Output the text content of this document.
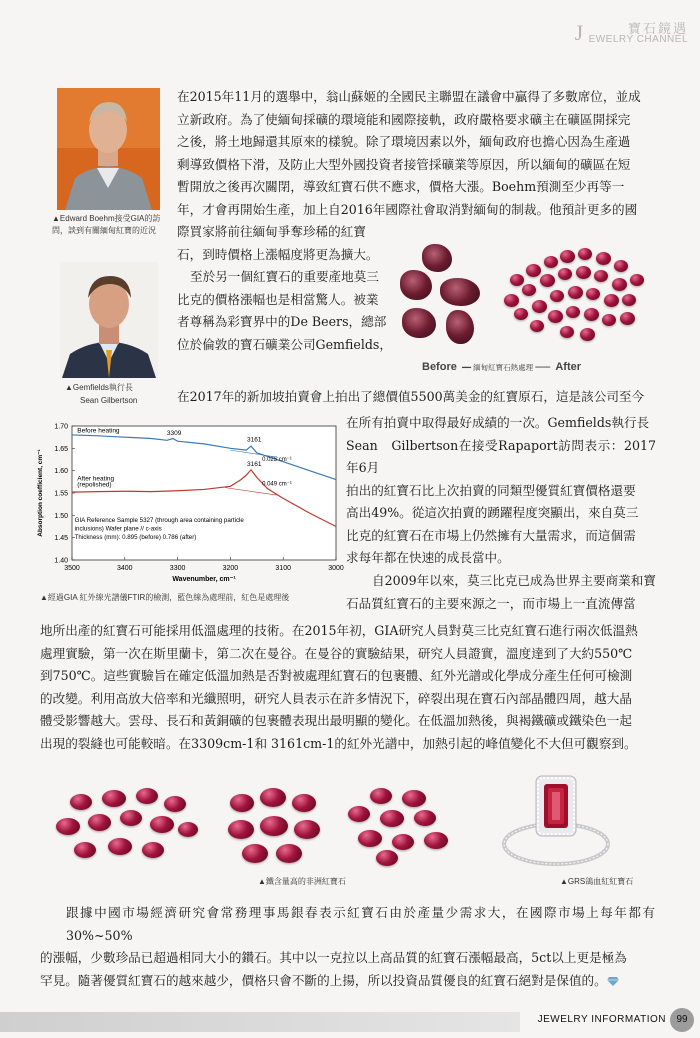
J	寶石鏡遇
EWELRY CHANNEL
▲Edward Boehm接受GIA的訪問，談到有關緬甸紅寶的近況
▲Gemfields執行長
Sean Gilbertson
在2015年11月的選舉中，翁山蘇姬的全國民主聯盟在議會中贏得了多數席位，並成
立新政府。為了使緬甸採礦的環境能和國際接軌，政府嚴格要求礦主在礦區開採完
之後，將土地歸還其原來的樣貌。除了環境因素以外，緬甸政府也擔心因為生產過
剩導致價格下滑，及防止大型外國投資者接管採礦業等原因，所以緬甸的礦區在短
暫開放之後再次關閉，導致紅寶石供不應求，價格大漲。Boehm預測至少再等一
年，才會再開始生產，加上自2016年國際社會取消對緬甸的制裁。他預計更多的國
際買家將前往緬甸爭奪珍稀的紅寶
石，到時價格上漲幅度將更為擴大。
至於另一個紅寶石的重要產地莫三
比克的價格漲幅也是相當驚人。被業
者尊稱為彩寶界中的De Beers，總部
位於倫敦的寶石礦業公司Gemfields，
Before  ━━ 緬甸紅寶石熱處理 ━━  After
在2017年的新加坡拍賣會上拍出了總價值5500萬美金的紅寶原石，這是該公司至今
在所有拍賣中取得最好成績的一次。Gemfields執行長
Sean　Gilbertson在接受Rapaport訪問表示：2017年6月
拍出的紅寶石比上次拍賣的同類型優質紅寶價格還要
高出49%。從這次拍賣的踴躍程度突顯出，來自莫三
比克的紅寶石在市場上仍然擁有大量需求，而這個需
求每年都在快速的成長當中。
3500	3400	3300	3200	3100	3000
1.40
1.45
1.50
1.55
1.60
1.65
1.70
Wavenumber, cm⁻¹
Absorption coefficient, cm⁻¹
Before heating
After heating
(repolished)
3309
3161
3161
0.025 cm⁻¹
0.049 cm⁻¹
GIA Reference Sample 5327 (through area containing particle
inclusions) Wafer plane // c-axis
Thickness (mm): 0.895 (before) 0.786 (after)
▲經過GIA 紅外線光譜儀FTIR的檢測，藍色線為處理前，紅色是處理後
自2009年以來，莫三比克已成為世界主要商業和寶
石品質紅寶石的主要來源之一，而市場上一直流傳當
地所出產的紅寶石可能採用低溫處理的技術。在2015年初，GIA研究人員對莫三比克紅寶石進行兩次低溫熱
處理實驗，第一次在斯里蘭卡，第二次在曼谷。在曼谷的實驗結果，研究人員證實，溫度達到了大約550℃
到750℃。這些實驗旨在確定低溫加熱是否對被處理紅寶石的包裹體、紅外光譜或化學成分產生任何可檢測
的改變。利用高放大倍率和光纖照明，研究人員表示在許多情況下，碎裂出現在寶石內部晶體四周，越大晶
體受影響越大。雲母、長石和黃銅礦的包裹體表現出最明顯的變化。在低溫加熱後，與褐鐵礦或鐵染色一起
出現的裂縫也可能較暗。在3309cm-1和 3161cm-1的紅外光譜中，加熱引起的峰值變化不大但可觀察到。
▲鐵含量高的非洲紅寶石	▲GRS鴿血紅紅寶石
跟據中國市場經濟研究會常務理事馬銀春表示紅寶石由於產量少需求大，在國際市場上每年都有30%~50%
的漲幅，少數珍品已超過相同大小的鑽石。其中以一克拉以上高品質的紅寶石漲幅最高，5ct以上更是極為
罕見。隨著優質紅寶石的越來越少，價格只會不斷的上揚，所以投資品質優良的紅寶石絕對是保值的。
JEWELRY INFORMATION	99
